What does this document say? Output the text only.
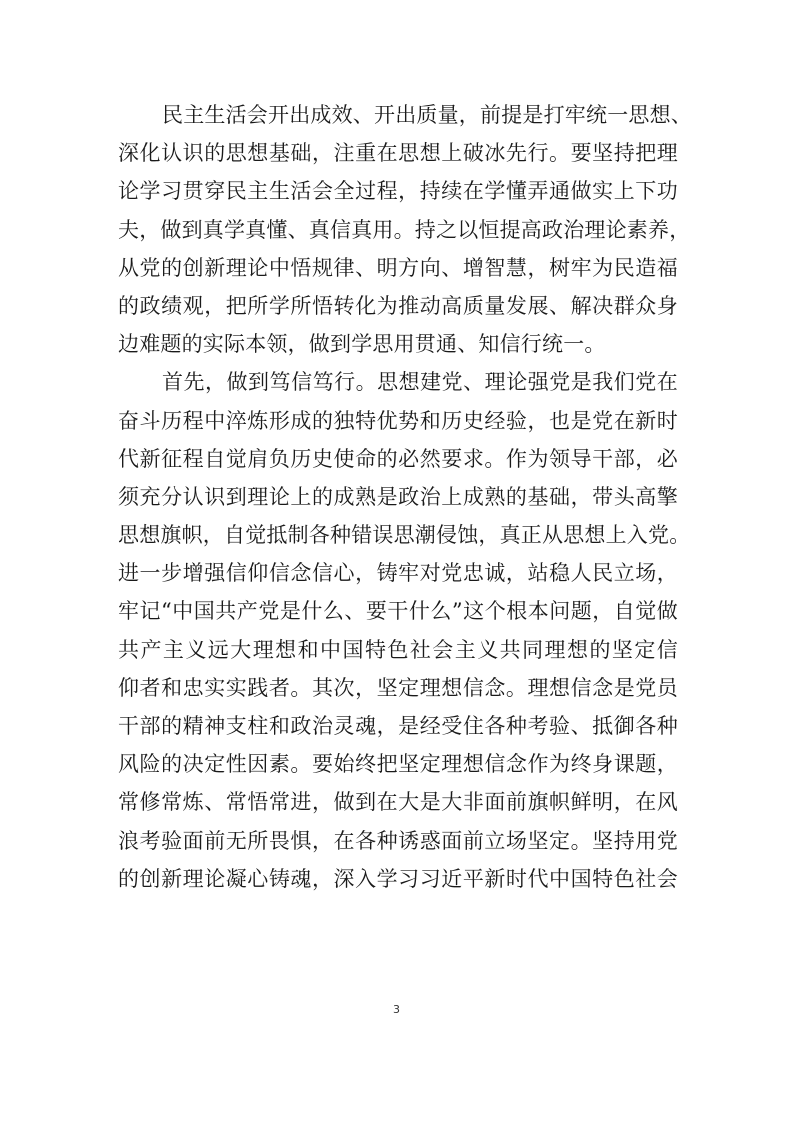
民主生活会开出成效、开出质量，前提是打牢统一思想、
深化认识的思想基础，注重在思想上破冰先行。要坚持把理
论学习贯穿民主生活会全过程，持续在学懂弄通做实上下功
夫，做到真学真懂、真信真用。持之以恒提高政治理论素养，
从党的创新理论中悟规律、明方向、增智慧，树牢为民造福
的政绩观，把所学所悟转化为推动高质量发展、解决群众身
边难题的实际本领，做到学思用贯通、知信行统一。
首先，做到笃信笃行。思想建党、理论强党是我们党在
奋斗历程中淬炼形成的独特优势和历史经验，也是党在新时
代新征程自觉肩负历史使命的必然要求。作为领导干部，必
须充分认识到理论上的成熟是政治上成熟的基础，带头高擎
思想旗帜，自觉抵制各种错误思潮侵蚀，真正从思想上入党。
进一步增强信仰信念信心，铸牢对党忠诚，站稳人民立场，
牢记“中国共产党是什么、要干什么”这个根本问题，自觉做
共产主义远大理想和中国特色社会主义共同理想的坚定信
仰者和忠实实践者。其次，坚定理想信念。理想信念是党员
干部的精神支柱和政治灵魂，是经受住各种考验、抵御各种
风险的决定性因素。要始终把坚定理想信念作为终身课题，
常修常炼、常悟常进，做到在大是大非面前旗帜鲜明，在风
浪考验面前无所畏惧，在各种诱惑面前立场坚定。坚持用党
的创新理论凝心铸魂，深入学习习近平新时代中国特色社会
3
